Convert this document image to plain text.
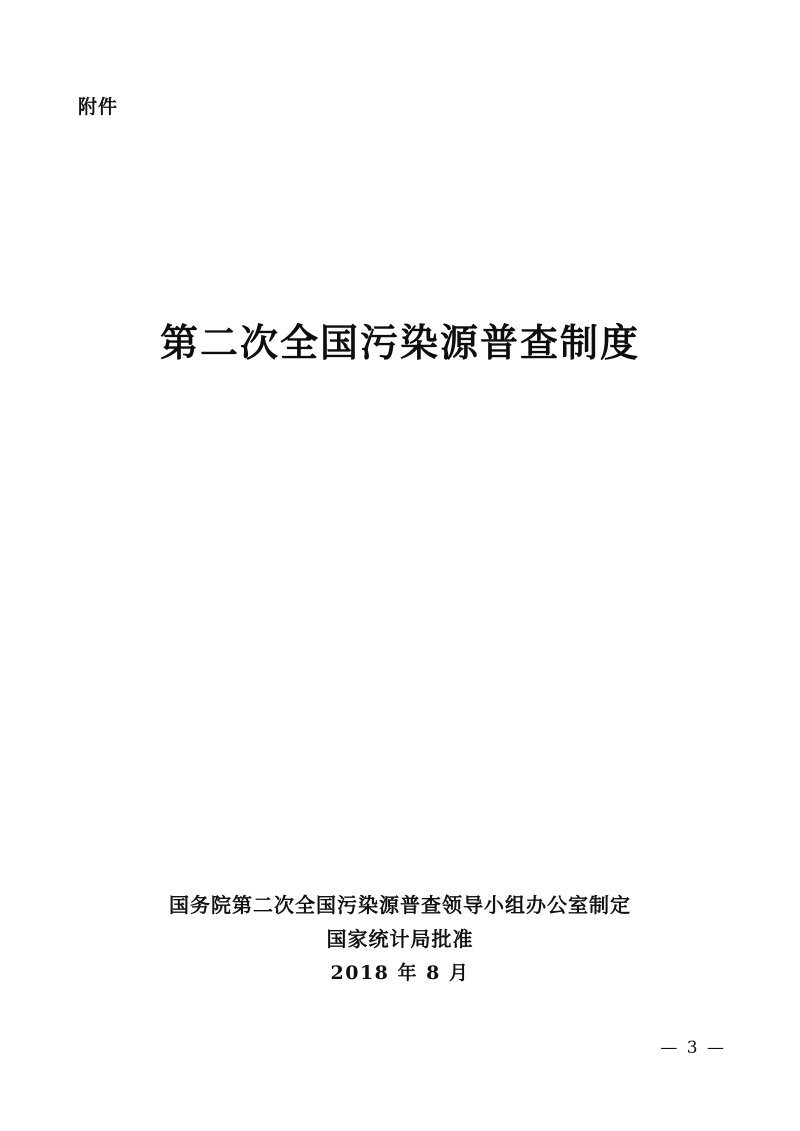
附件
第二次全国污染源普查制度
国务院第二次全国污染源普查领导小组办公室制定
国家统计局批准
2018 年 8 月
— 3 —
